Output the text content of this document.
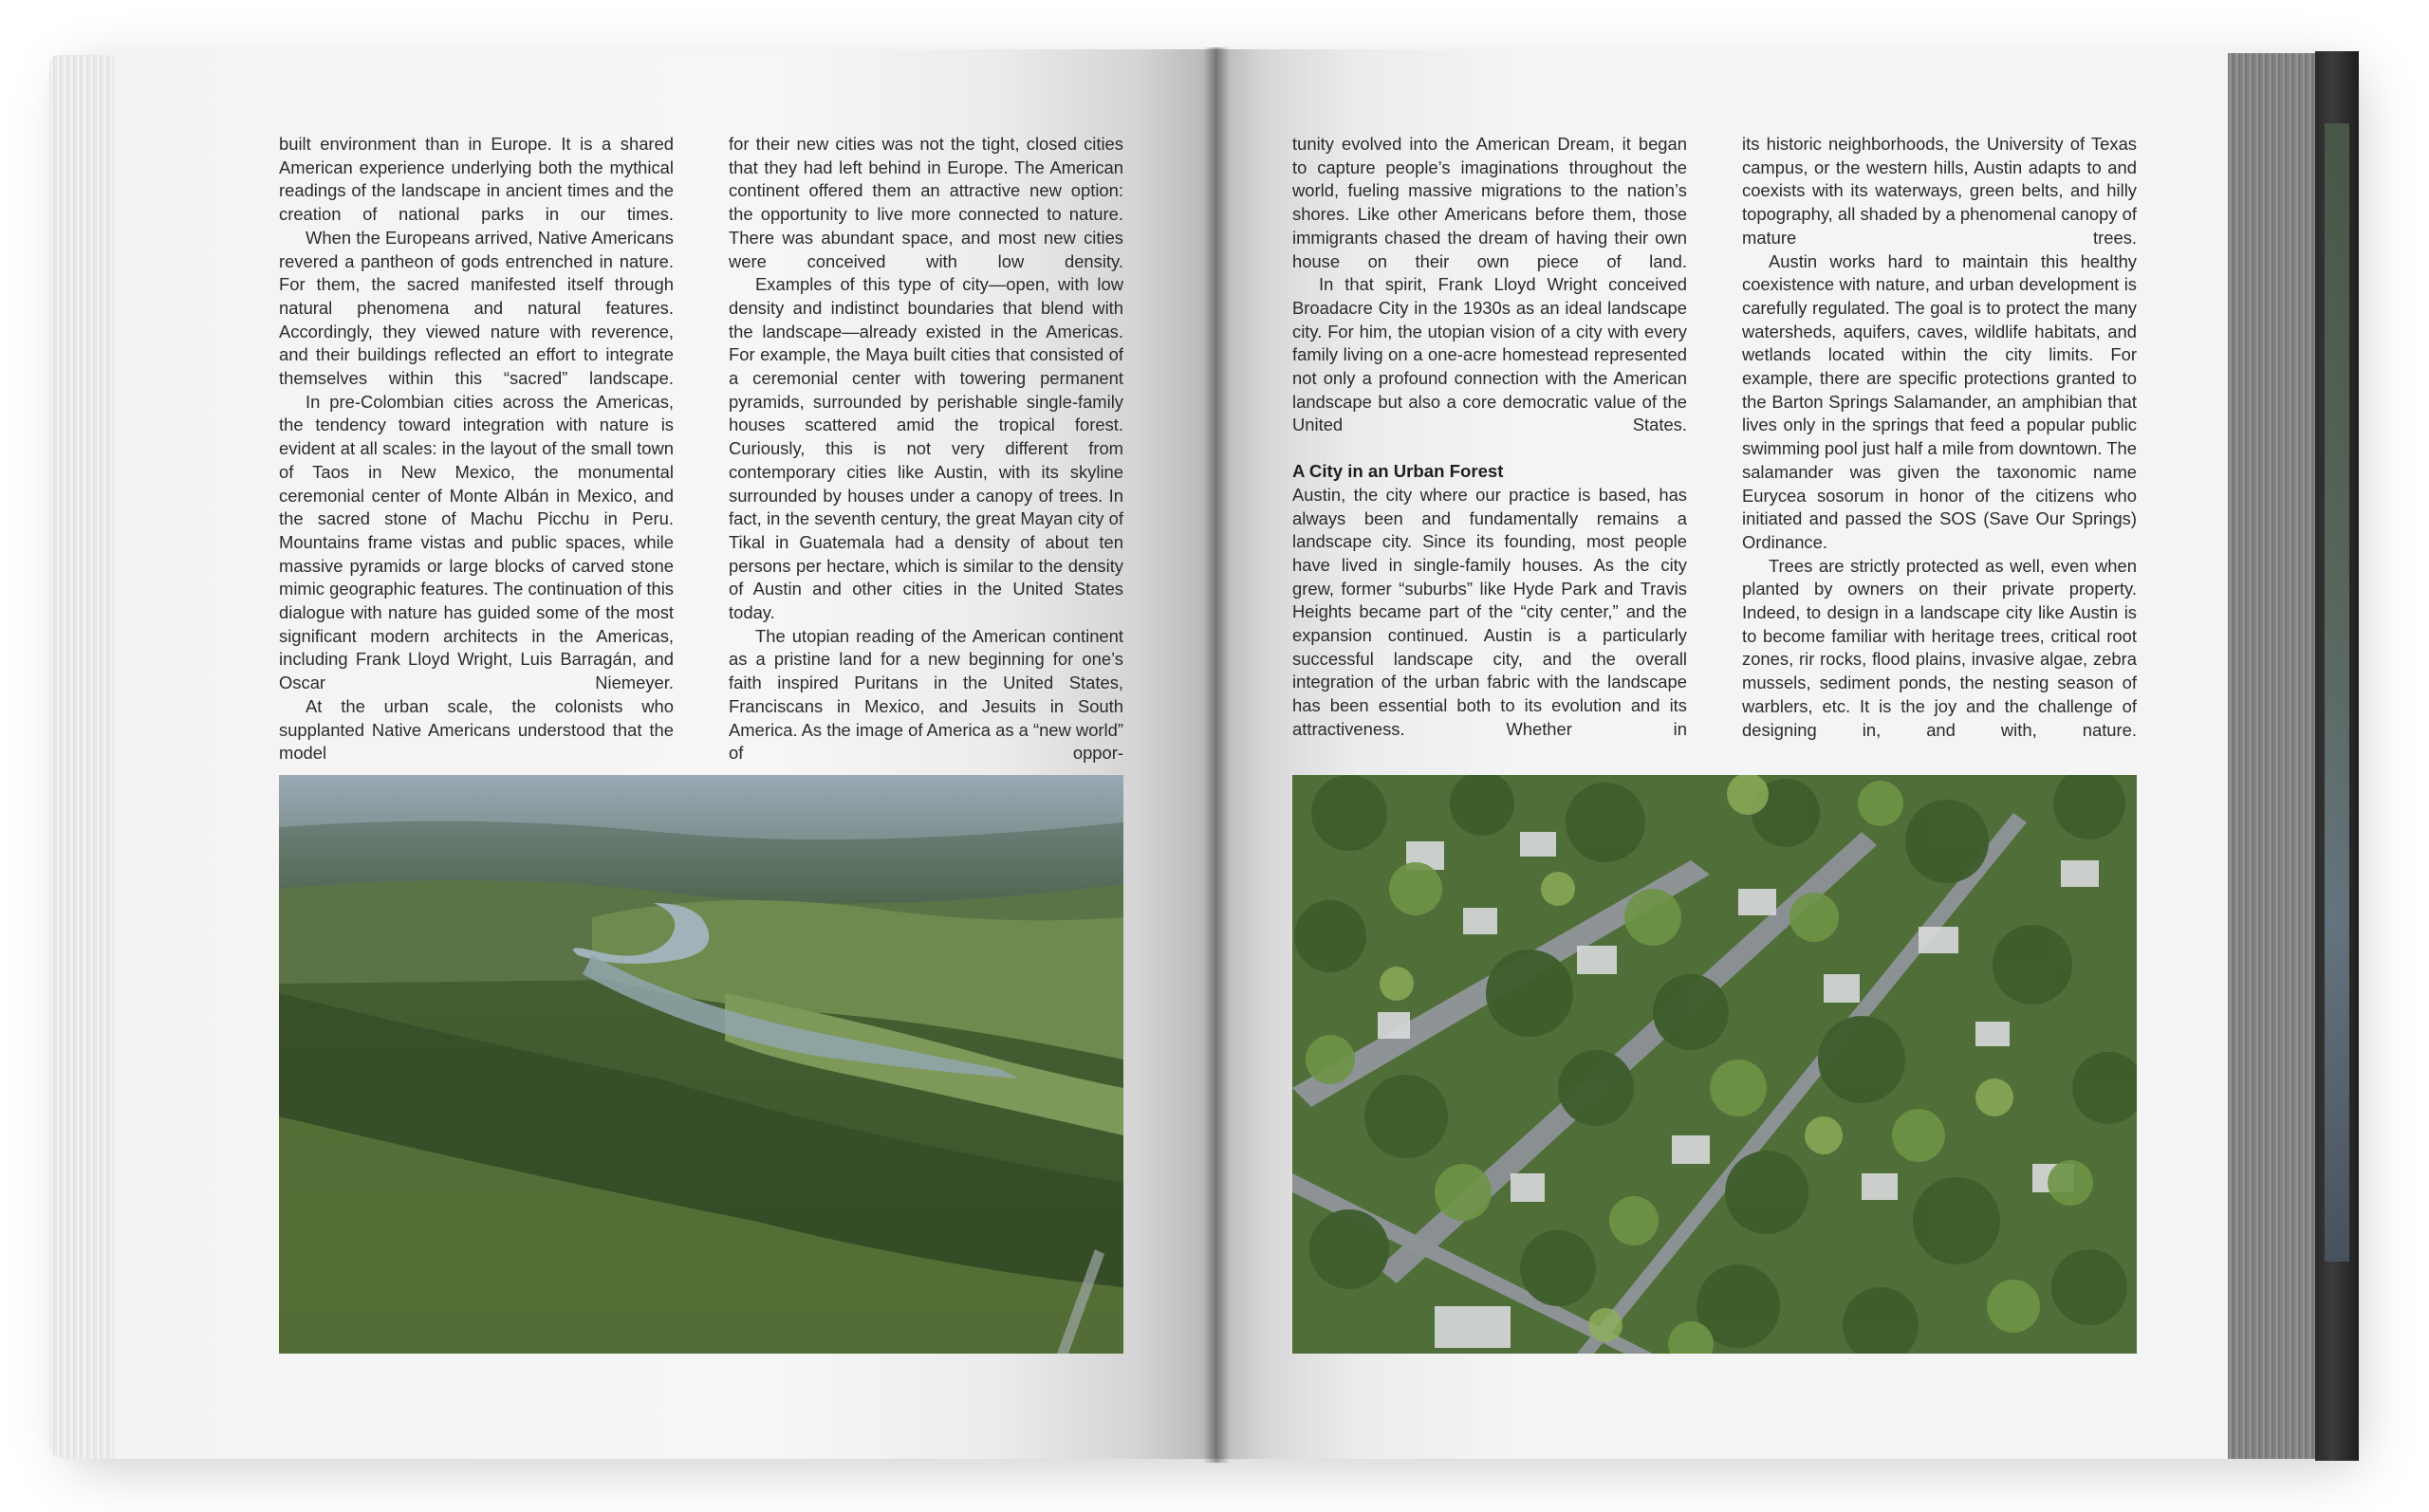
built environment than in Europe. It is a shared American experience underlying both the mythical readings of the landscape in ancient times and the creation of national parks in our times.

When the Europeans arrived, Native Americans revered a pantheon of gods entrenched in nature. For them, the sacred manifested itself through natural phenomena and natural features. Accordingly, they viewed nature with reverence, and their buildings reflected an effort to integrate themselves within this “sacred” landscape.

In pre-Colombian cities across the Americas, the tendency toward integration with nature is evident at all scales: in the layout of the small town of Taos in New Mexico, the monumental ceremonial center of Monte Albán in Mexico, and the sacred stone of Machu Picchu in Peru. Mountains frame vistas and public spaces, while massive pyramids or large blocks of carved stone mimic geographic features. The continuation of this dialogue with nature has guided some of the most significant modern architects in the Americas, including Frank Lloyd Wright, Luis Barragán, and Oscar Niemeyer.

At the urban scale, the colonists who supplanted Native Americans understood that the model

for their new cities was not the tight, closed cities that they had left behind in Europe. The American continent offered them an attractive new option: the opportunity to live more connected to nature. There was abundant space, and most new cities were conceived with low density.

Examples of this type of city—open, with low density and indistinct boundaries that blend with the landscape—already existed in the Americas. For example, the Maya built cities that consisted of a ceremonial center with towering permanent pyramids, surrounded by perishable single-family houses scattered amid the tropical forest. Curiously, this is not very different from contemporary cities like Austin, with its skyline surrounded by houses under a canopy of trees. In fact, in the seventh century, the great Mayan city of Tikal in Guatemala had a density of about ten persons per hectare, which is similar to the density of Austin and other cities in the United States today.

The utopian reading of the American continent as a pristine land for a new beginning for one’s faith inspired Puritans in the United States, Franciscans in Mexico, and Jesuits in South America. As the image of America as a “new world” of oppor-

tunity evolved into the American Dream, it began to capture people’s imaginations throughout the world, fueling massive migrations to the nation’s shores. Like other Americans before them, those immigrants chased the dream of having their own house on their own piece of land.

In that spirit, Frank Lloyd Wright conceived Broadacre City in the 1930s as an ideal landscape city. For him, the utopian vision of a city with every family living on a one-acre homestead represented not only a profound connection with the American landscape but also a core democratic value of the United States.

A City in an Urban Forest

Austin, the city where our practice is based, has always been and fundamentally remains a landscape city. Since its founding, most people have lived in single-family houses. As the city grew, former “suburbs” like Hyde Park and Travis Heights became part of the “city center,” and the expansion continued. Austin is a particularly successful landscape city, and the overall integration of the urban fabric with the landscape has been essential both to its evolution and its attractiveness. Whether in

its historic neighborhoods, the University of Texas campus, or the western hills, Austin adapts to and coexists with its waterways, green belts, and hilly topography, all shaded by a phenomenal canopy of mature trees.

Austin works hard to maintain this healthy coexistence with nature, and urban development is carefully regulated. The goal is to protect the many watersheds, aquifers, caves, wildlife habitats, and wetlands located within the city limits. For example, there are specific protections granted to the Barton Springs Salamander, an amphibian that lives only in the springs that feed a popular public swimming pool just half a mile from downtown. The salamander was given the taxonomic name Eurycea sosorum in honor of the citizens who initiated and passed the SOS (Save Our Springs) Ordinance.

Trees are strictly protected as well, even when planted by owners on their private property. Indeed, to design in a landscape city like Austin is to become familiar with heritage trees, critical root zones, rir rocks, flood plains, invasive algae, zebra mussels, sediment ponds, the nesting season of warblers, etc. It is the joy and the challenge of designing in, and with, nature.
